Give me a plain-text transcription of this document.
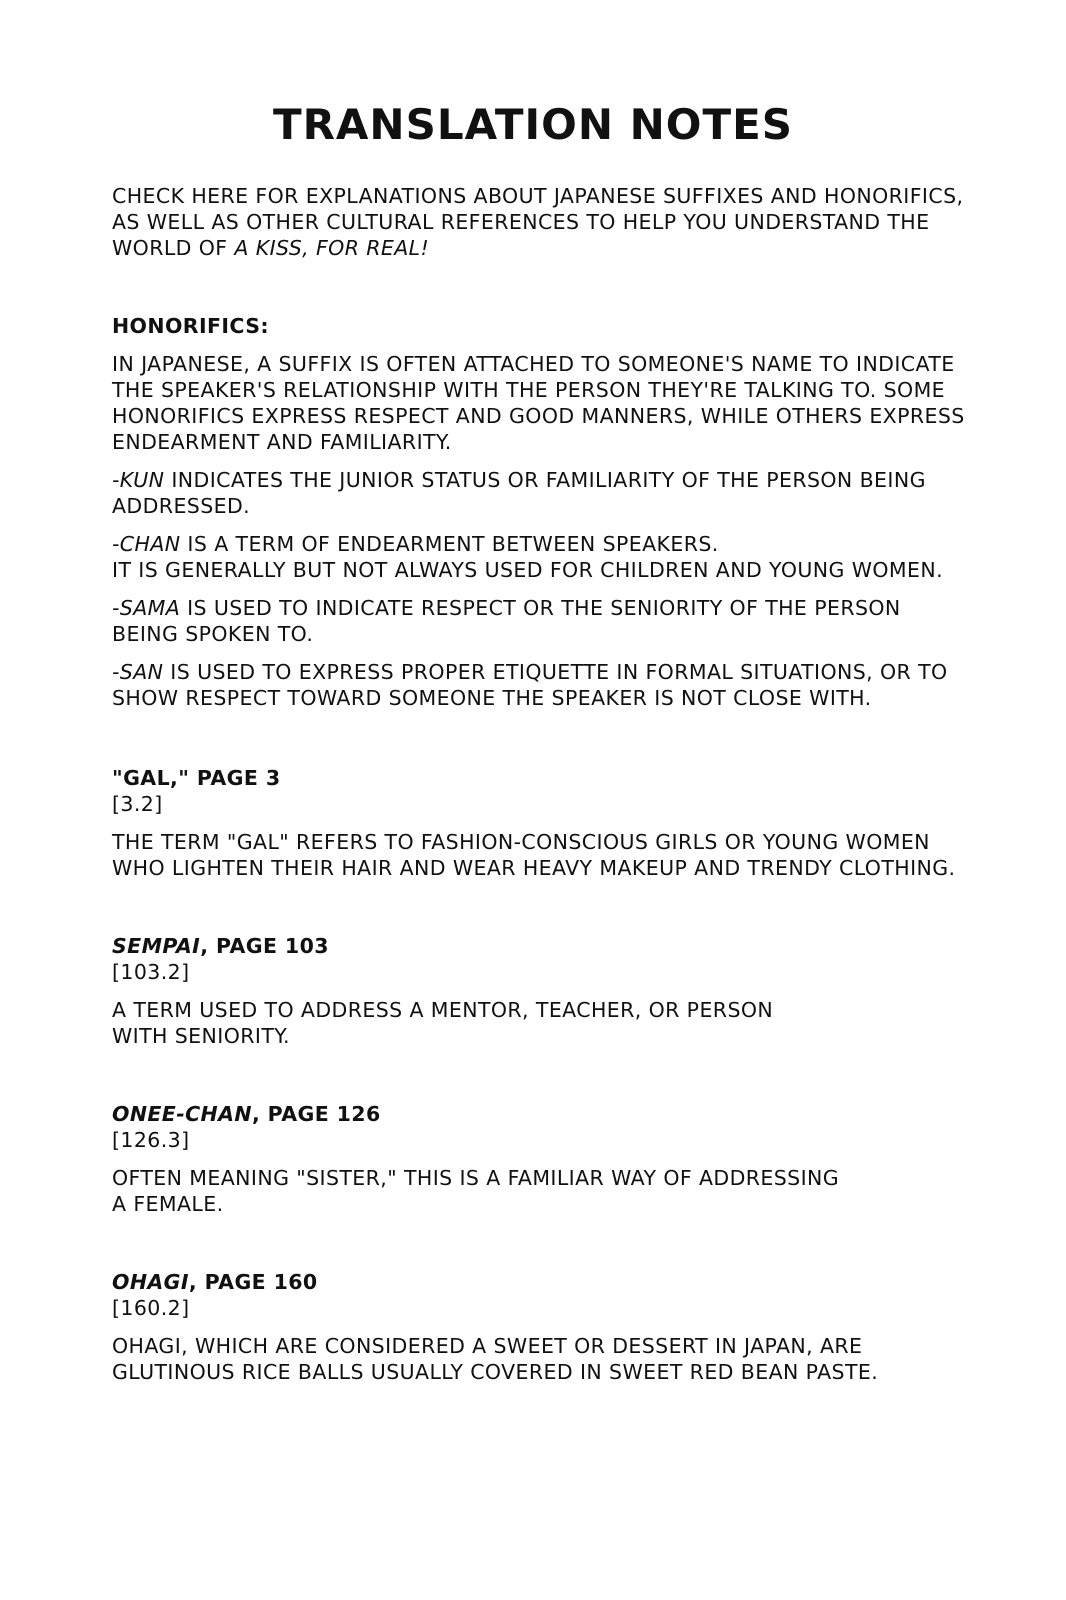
TRANSLATION NOTES

CHECK HERE FOR EXPLANATIONS ABOUT JAPANESE SUFFIXES AND HONORIFICS, AS WELL AS OTHER CULTURAL REFERENCES TO HELP YOU UNDERSTAND THE WORLD OF A KISS, FOR REAL!

HONORIFICS:

IN JAPANESE, A SUFFIX IS OFTEN ATTACHED TO SOMEONE'S NAME TO INDICATE THE SPEAKER'S RELATIONSHIP WITH THE PERSON THEY'RE TALKING TO. SOME HONORIFICS EXPRESS RESPECT AND GOOD MANNERS, WHILE OTHERS EXPRESS ENDEARMENT AND FAMILIARITY.

-KUN INDICATES THE JUNIOR STATUS OR FAMILIARITY OF THE PERSON BEING ADDRESSED.

-CHAN IS A TERM OF ENDEARMENT BETWEEN SPEAKERS.
IT IS GENERALLY BUT NOT ALWAYS USED FOR CHILDREN AND YOUNG WOMEN.

-SAMA IS USED TO INDICATE RESPECT OR THE SENIORITY OF THE PERSON BEING SPOKEN TO.

-SAN IS USED TO EXPRESS PROPER ETIQUETTE IN FORMAL SITUATIONS, OR TO SHOW RESPECT TOWARD SOMEONE THE SPEAKER IS NOT CLOSE WITH.

"GAL," PAGE 3

[3.2]

THE TERM "GAL" REFERS TO FASHION-CONSCIOUS GIRLS OR YOUNG WOMEN WHO LIGHTEN THEIR HAIR AND WEAR HEAVY MAKEUP AND TRENDY CLOTHING.

SEMPAI, PAGE 103

[103.2]

A TERM USED TO ADDRESS A MENTOR, TEACHER, OR PERSON
WITH SENIORITY.

ONEE-CHAN, PAGE 126

[126.3]

OFTEN MEANING "SISTER," THIS IS A FAMILIAR WAY OF ADDRESSING
A FEMALE.

OHAGI, PAGE 160

[160.2]

OHAGI, WHICH ARE CONSIDERED A SWEET OR DESSERT IN JAPAN, ARE GLUTINOUS RICE BALLS USUALLY COVERED IN SWEET RED BEAN PASTE.
